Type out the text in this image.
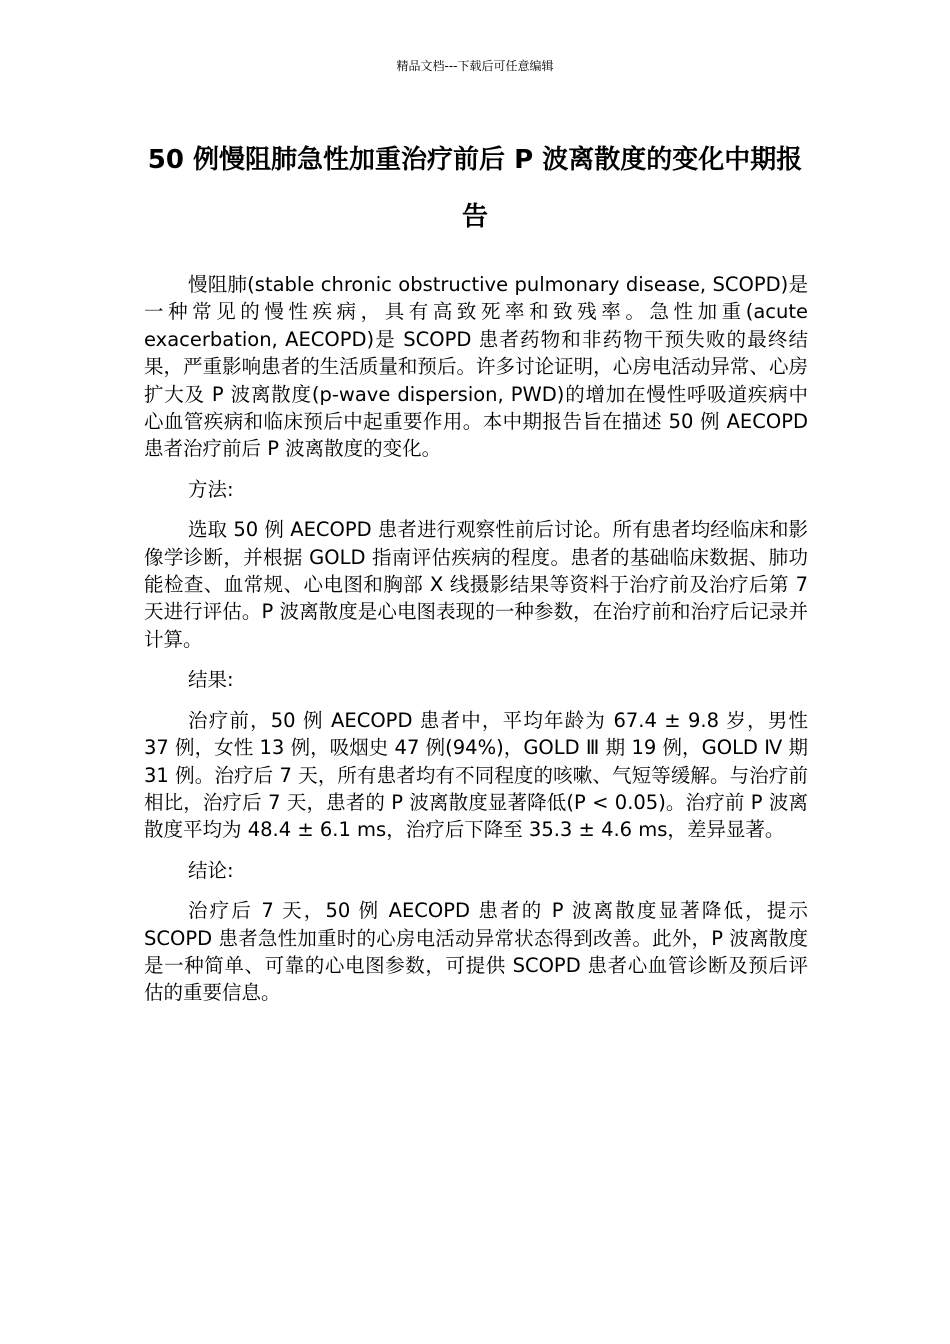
精品文档---下载后可任意编辑
50 例慢阻肺急性加重治疗前后 P 波离散度的变化中期报告

慢阻肺(stable chronic obstructive pulmonary disease, SCOPD)是一种常见的慢性疾病，具有高致死率和致残率。急性加重(acute exacerbation, AECOPD)是 SCOPD 患者药物和非药物干预失败的最终结果，严重影响患者的生活质量和预后。许多讨论证明，心房电活动异常、心房扩大及 P 波离散度(p-wave dispersion, PWD)的增加在慢性呼吸道疾病中心血管疾病和临床预后中起重要作用。本中期报告旨在描述 50 例 AECOPD 患者治疗前后 P 波离散度的变化。

方法:

选取 50 例 AECOPD 患者进行观察性前后讨论。所有患者均经临床和影像学诊断，并根据 GOLD 指南评估疾病的程度。患者的基础临床数据、肺功能检查、血常规、心电图和胸部 X 线摄影结果等资料于治疗前及治疗后第 7 天进行评估。P 波离散度是心电图表现的一种参数，在治疗前和治疗后记录并计算。

结果:

治疗前，50 例 AECOPD 患者中，平均年龄为 67.4 ± 9.8 岁，男性 37 例，女性 13 例，吸烟史 47 例(94%)，GOLD Ⅲ 期 19 例，GOLD Ⅳ 期 31 例。治疗后 7 天，所有患者均有不同程度的咳嗽、气短等缓解。与治疗前相比，治疗后 7 天，患者的 P 波离散度显著降低(P < 0.05)。治疗前 P 波离散度平均为 48.4 ± 6.1 ms，治疗后下降至 35.3 ± 4.6 ms，差异显著。

结论:

治疗后 7 天，50 例 AECOPD 患者的 P 波离散度显著降低，提示 SCOPD 患者急性加重时的心房电活动异常状态得到改善。此外，P 波离散度是一种简单、可靠的心电图参数，可提供 SCOPD 患者心血管诊断及预后评估的重要信息。
